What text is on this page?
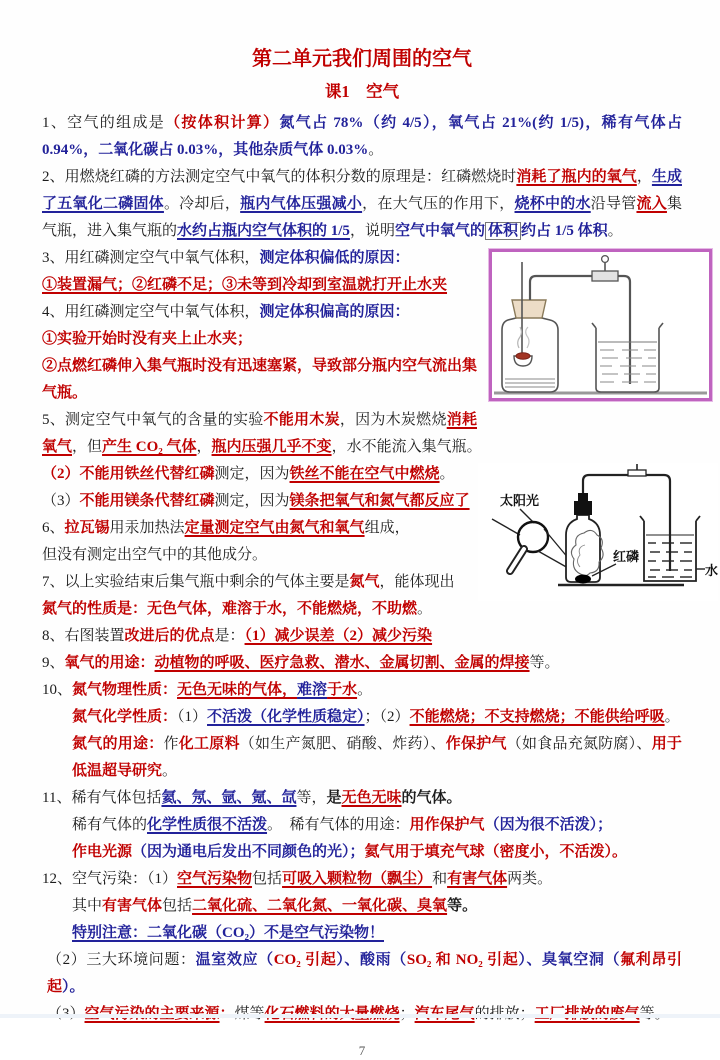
第二单元我们周围的空气
课1　空气
1、空气的组成是（按体积计算）氮气占 78%（约 4/5），氧气占 21%(约 1/5)，稀有气体占 0.94%，二氧化碳占 0.03%，其他杂质气体 0.03%。
2、用燃烧红磷的方法测定空气中氧气的体积分数的原理是：红磷燃烧时消耗了瓶内的氧气，生成了五氧化二磷固体。冷却后，瓶内气体压强减小，在大气压的作用下，烧杯中的水沿导管流入集气瓶，进入集气瓶的水约占瓶内空气体积的 1/5，说明空气中氧气的 体积 约占 1/5 体积。
3、用红磷测定空气中氧气体积，测定体积偏低的原因：
①装置漏气；②红磷不足；③未等到冷却到室温就打开止水夹
4、用红磷测定空气中氧气体积，测定体积偏高的原因：
①实验开始时没有夹上止水夹；
②点燃红磷伸入集气瓶时没有迅速塞紧，导致部分瓶内空气流出集气瓶。
5、测定空气中氧气的含量的实验不能用木炭，因为木炭燃烧消耗氧气，但产生 CO₂ 气体，瓶内压强几乎不变，水不能流入集气瓶。
太阳光
红磷
水
（2）不能用铁丝代替红磷测定，因为铁丝不能在空气中燃烧。
（3）不能用镁条代替红磷测定，因为镁条把氧气和氮气都反应了
6、拉瓦锡用汞加热法定量测定空气由氮气和氧气组成，
但没有测定出空气中的其他成分。
7、以上实验结束后集气瓶中剩余的气体主要是氮气，能体现出
氮气的性质是：无色气体，难溶于水，不能燃烧，不助燃。
8、右图装置改进后的优点是：（1）减少误差（2）减少污染
9、氧气的用途：动植物的呼吸、医疗急救、潜水、金属切割、金属的焊接等。
10、氮气物理性质：无色无味的气体，难溶于水。
氮气化学性质：（1）不活泼（化学性质稳定）；（2）不能燃烧；不支持燃烧；不能供给呼吸。
氮气的用途：作化工原料（如生产氮肥、硝酸、炸药）、作保护气（如食品充氮防腐）、用于低温超导研究。
11、稀有气体包括氦、氖、氩、氪、氙等，是无色无味的气体。
稀有气体的化学性质很不活泼。　稀有气体的用途：用作保护气（因为很不活泼）；
作电光源（因为通电后发出不同颜色的光）；氦气用于填充气球（密度小，不活泼）。
12、空气污染：（1）空气污染物包括可吸入颗粒物（飘尘）和有害气体两类。
其中有害气体包括二氧化硫、二氧化氮、一氧化碳、臭氧等。
特别注意：二氧化碳（CO₂）不是空气污染物！
（2）三大环境问题：温室效应（CO₂ 引起）、酸雨（SO₂ 和 NO₂ 引起）、臭氧空洞（氟利昂引起）。
7
